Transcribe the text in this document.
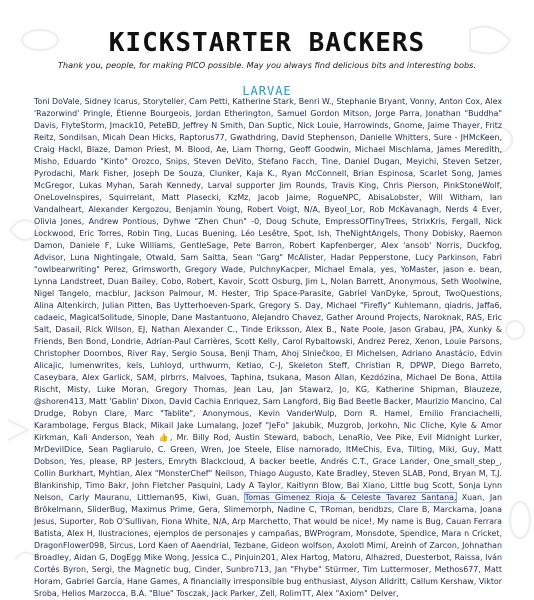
KICKSTARTER BACKERS
Thank you, people, for making PICO possible. May you always find delicious bits and interesting bobs.
LARVAE

Toni DoVale, Sidney Icarus, Storyteller, Cam Petti, Katherine Stark, Benri W., Stephanie Bryant, Vonny, Anton Cox, Alex 'Razorwind' Pringle, Étienne Bourgeois, Jordan Etherington, Samuel Gordon Mitson, Jorge Parra, Jonathan "Buddha" Davis, FlyteStorm, Jmack10, PeteBD, Jeffrey N Smith, Dan Suptic, Nick Louie, Harrowinds, Gnome, Jaime Thayer, Fritz Reitz, Sondilsan, Micah Dean Hicks, Raptorus77, Gwathdring, David Stephenson, Danielle Whitters, Sure - JHMcKeen, Craig Hackl, Blaze, Damon Priest, M. Blood, Ae, Liam Thorng, Geoff Goodwin, Michael Mischlama, James Meredith, Misho, Eduardo "Kinto" Orozco, Snips, Steven DeVito, Stefano Facch, Tine, Daniel Dugan, Meyichi, Steven Setzer, Pyrodachi, Mark Fisher, Joseph De Souza, Clunker, Kaja K., Ryan McConnell, Brian Espinosa, Scarlet Song, James McGregor, Lukas Myhan, Sarah Kennedy, Larval supporter Jim Rounds, Travis King, Chris Pierson, PinkStoneWolf, OneLoveInspires, Squirrelant, Matt Plasecki, KzMz, Jacob Jaime, RogueNPC, AbisaLobster, Will Witham, Ian Vandalheart, Alexander Kergozou, Benjamin Young, Robert Voigt, N/A, Byeol_Lor, Rob McKavanagh, Nerds 4 Ever, Olivia Jones, Andrew Pontious, Dyhwe "Zhen Chun" -0, Doug Schute, EmpressOfTinyTrees, StrixKris, Fergall, Nick Lockwood, Eric Torres, Robin Ting, Lucas Buening, Léo Lesêtre, Spot, Ish, TheNightAngels, Thony Dobisky, Raemon Damon, Daniele F, Luke Williams, GentleSage, Pete Barron, Robert Kapfenberger, Alex 'ansob' Norris, Duckfog, Advisor, Luna Nightingale, Otwald, Sam Saitta, Sean "Garg" McAlister, Hadar Pepperstone, Lucy Parkinson, Fabri "owlbearwriting" Perez, Grimsworth, Gregory Wade, PulchnyKacper, Michael Emala, yes, YoMaster, jason e. bean, Lynna Landstreet, Duan Bailey, Cobo, Robert, Kavoir, Scott Osburg, Jim L, Nolan Barrett, Anonymous, Seth Woolwine, Nigel Tangelo, macblur, Jackson Palmour, M. Hester, Trip Space-Parasite, Gabriel VanDyke, Sprout, TwoQuestions, Alina Altenkirch, Julian Pitten, Bas Uytterhoeven-Spark, Gregory S. Day, Michael "Firefly" Kuhlemann, qiadris, Jaffa6, cadaeic, MagicalSolitude, Sinople, Dane Mastantuono, Alejandro Chavez, Gather Around Projects, Naroknak, RAS, Eric Salt, Dasail, Rick Wilson, EJ, Nathan Alexander C., Tinde Eriksson, Alex B., Nate Poole, Jason Grabau, JPA, Xunky & Friends, Ben Bond, Londrie, Adrian-Paul Carrières, Scott Kelly, Carol Rybaltowski, Andrez Perez, Xenon, Louie Parsons, Christopher Doornbos, River Ray, Sergio Sousa, Benji Tham, Ahoj Slniečkoo, El Michelsen, Adriano Anastácio, Edvin Alicajic, lumenwrites, kels, Luhloyd, urthwurm, Ketiao, C-J, Skeleton Steff, Christian R, DPWP, Diego Barreto, Caseybara, Alex Garlick, SAM, plrbrrs, Malvoes, Taphina, tsukana, Mason Allan, Kezdózina, Michael De Bona, Attila Rischt, Misty, Luke Moran, Gregory Thomas, Jean Lau, Jan Stawarz, Jo, KG, Katherine Shipman, Blauzeze, @shoren413, Matt 'Gablin' Dixon, David Cachia Enriquez, Sam Langford, Big Bad Beetle Backer, Maurizio Mancino, Cal Drudge, Robyn Clare, Marc "Tablite", Anonymous, Kevin VanderWulp, Dorn R. Hamel, Emilio Franciachelli, Karambolage, Fergus Black, Mikail Jake Lumalang, Jozef "JeFo" Jakubik, Muzgrob, Jorkohn, Nic Cliche, Kyle & Amor Kirkman, Kali Anderson, Yeah 👍, Mr. Billy Rod, Austin Steward, baboch, LenaRio, Vee Pike, Evil Midnight Lurker, MrDevilDice, Sean Pagliarulo, C. Green, Wren, Joe Steele, Elise namorado, ItMeChis, Eva, Tilting, Miki, Guy, Matt Dobson, Yes, please, RP Jesters, Emryth Blackcloud, A backer beetle, Andrés C.T., Grace Lander, One_small_step_, Collin Burkhart, Myhtian, Alex "MonsterChef" Neilson, Thiago Augusto, Kate Bradley, Steven SLAB, Pond, Bryan M, T.J. Blankinship, Timo Bakr, John Fletcher Pasquini, Lady A Taylor, Kaitlynn Blow, Bai Xiano, Little bug Scott, Sonja Lynn Nelson, Carly Mauranu, Littleman95, Kiwi, Guan, Tomas Gimenez Rioja & Celeste Tavarez Santana, Xuan, Jan Brökelmann, SliderBug, Maximus Prime, Gera, Slimemorph, Nadine C, TRoman, bendbzs, Clare B, Marckama, Joana Jesus, Suporter, Rob O'Sullivan, Fiona White, N/A, Arp Marchetto, That would be nice!, My name is Bug, Cauan Ferrara Batista, Alex H, Ilustraciones, ejemplos de personajes y campañas, BWProgram, Monsdote, Spendlce, Mara n Cricket, DragonFlower098, Sircus, Lord Kaen of Aaendrial, Tezbane, Gideon wolfson, Axolotl Mimi, Areinh of Zarcon, Johnathan Broadley, Aidan G, DogEgg Mike Wong, Jessica C., Pinjuin201, Alex Hartog, Matoru, Alhazred, Duesterbot, Raissa, Iván Cortés Byron, Sergi, the Magnetic bug, Cinder, Sunbro713, Jan "Fhybe" Stürmer, Tim Luttermoser, Methos677, Matt Horam, Gabriel García, Hane Games, A financially irresponsible bug enthusiast, Alyson Alldritt, Callum Kershaw, Viktor Sroba, Helios Marzocca, B.A. "Blue" Tosczak, Jack Parker, Zell, RolimTT, Alex "Axiom" Delver,
